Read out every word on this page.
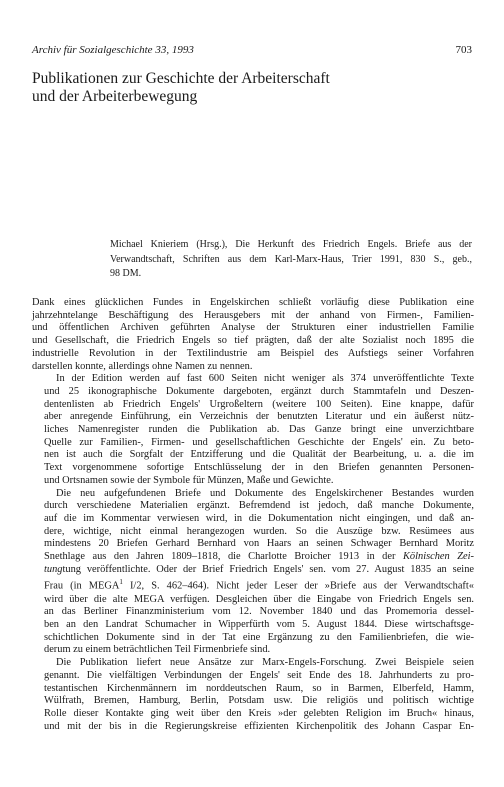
Archiv für Sozialgeschichte 33, 1993	703
Publikationen zur Geschichte der Arbeiterschaft
und der Arbeiterbewegung
Michael Knieriem (Hrsg.), Die Herkunft des Friedrich Engels. Briefe aus der
Verwandtschaft, Schriften aus dem Karl-Marx-Haus, Trier 1991, 830 S., geb.,
98 DM.

Dank eines glücklichen Fundes in Engelskirchen schließt vorläufig diese Publikation eine
jahrzehntelange Beschäftigung des Herausgebers mit der anhand von Firmen-, Familien-
und öffentlichen Archiven geführten Analyse der Strukturen einer industriellen Familie
und Gesellschaft, die Friedrich Engels so tief prägten, daß der alte Sozialist noch 1895 die
industrielle Revolution in der Textilindustrie am Beispiel des Aufstiegs seiner Vorfahren
darstellen konnte, allerdings ohne Namen zu nennen.

In der Edition werden auf fast 600 Seiten nicht weniger als 374 unveröffentlichte Texte
und 25 ikonographische Dokumente dargeboten, ergänzt durch Stammtafeln und Deszen-
dentenlisten ab Friedrich Engels' Urgroßeltern (weitere 100 Seiten). Eine knappe, dafür
aber anregende Einführung, ein Verzeichnis der benutzten Literatur und ein äußerst nütz-
liches Namenregister runden die Publikation ab. Das Ganze bringt eine unverzichtbare
Quelle zur Familien-, Firmen- und gesellschaftlichen Geschichte der Engels' ein. Zu beto-
nen ist auch die Sorgfalt der Entzifferung und die Qualität der Bearbeitung, u. a. die im
Text vorgenommene sofortige Entschlüsselung der in den Briefen genannten Personen-
und Ortsnamen sowie der Symbole für Münzen, Maße und Gewichte.

Die neu aufgefundenen Briefe und Dokumente des Engelskirchener Bestandes wurden
durch verschiedene Materialien ergänzt. Befremdend ist jedoch, daß manche Dokumente,
auf die im Kommentar verwiesen wird, in die Dokumentation nicht eingingen, und daß an-
dere, wichtige, nicht einmal herangezogen wurden. So die Auszüge bzw. Resümees aus
mindestens 20 Briefen Gerhard Bernhard von Haars an seinen Schwager Bernhard Moritz
Snethlage aus den Jahren 1809–1818, die Charlotte Broicher 1913 in der Kölnischen Zei-
tungtung veröffentlichte. Oder der Brief Friedrich Engels' sen. vom 27. August 1835 an seine
Frau (in MEGA$^1$ I/2, S. 462–464). Nicht jeder Leser der »Briefe aus der Verwandtschaft«
wird über die alte MEGA verfügen. Desgleichen über die Eingabe von Friedrich Engels sen.
an das Berliner Finanzministerium vom 12. November 1840 und das Promemoria dessel-
ben an den Landrat Schumacher in Wipperfürth vom 5. August 1844. Diese wirtschaftsge-
schichtlichen Dokumente sind in der Tat eine Ergänzung zu den Familienbriefen, die wie-
derum zu einem beträchtlichen Teil Firmenbriefe sind.

Die Publikation liefert neue Ansätze zur Marx-Engels-Forschung. Zwei Beispiele seien
genannt. Die vielfältigen Verbindungen der Engels' seit Ende des 18. Jahrhunderts zu pro-
testantischen Kirchenmännern im norddeutschen Raum, so in Barmen, Elberfeld, Hamm,
Wülfrath, Bremen, Hamburg, Berlin, Potsdam usw. Die religiös und politisch wichtige
Rolle dieser Kontakte ging weit über den Kreis »der gelebten Religion im Bruch« hinaus,
und mit der bis in die Regierungskreise effizienten Kirchenpolitik des Johann Caspar En-
